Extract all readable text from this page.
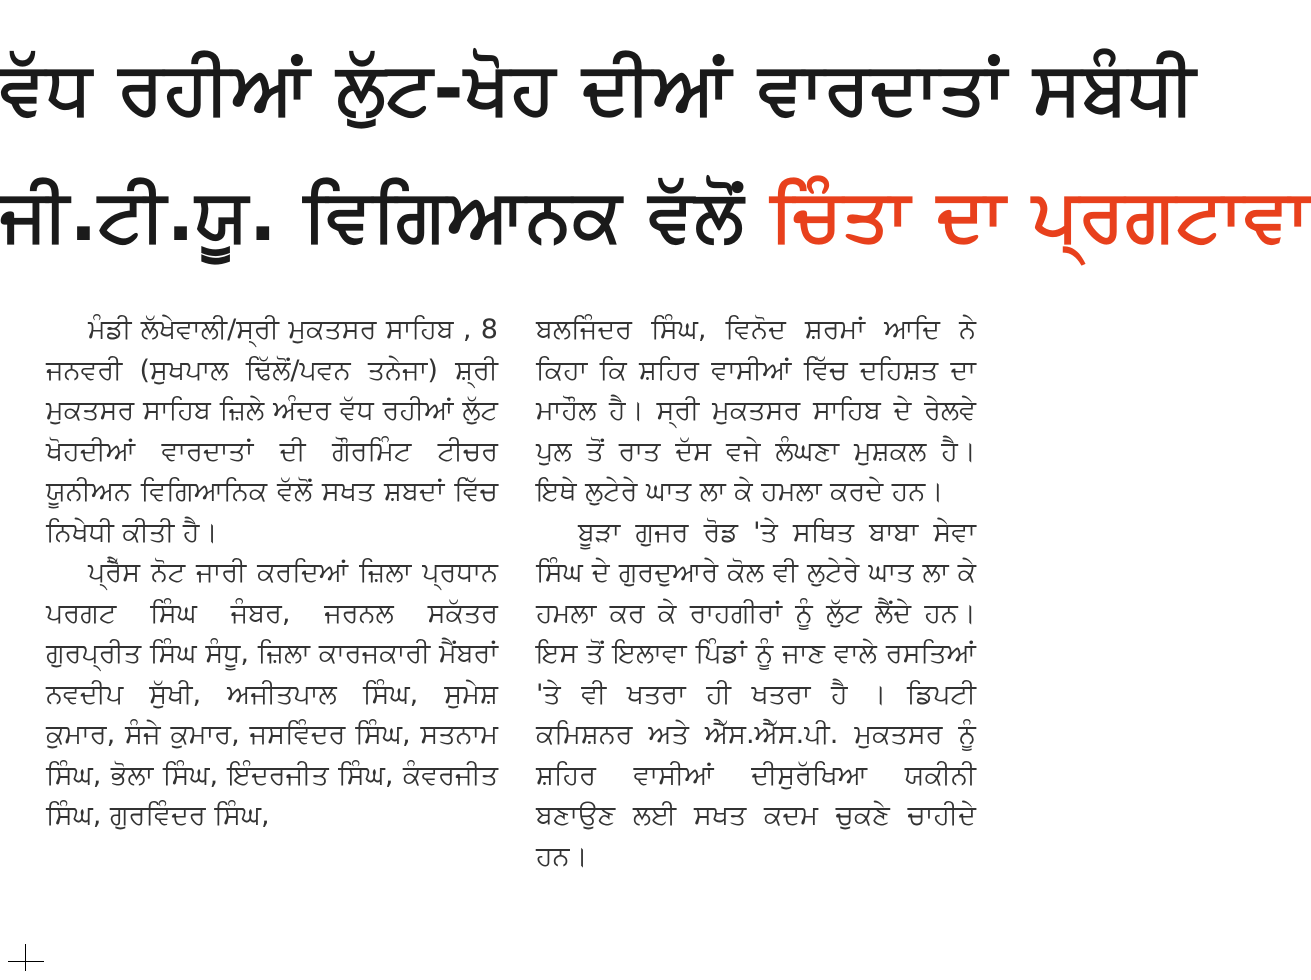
ਵੱਧ ਰਹੀਆਂ ਲੁੱਟ-ਖੋਹ ਦੀਆਂ ਵਾਰਦਾਤਾਂ ਸਬੰਧੀ
ਜੀ.ਟੀ.ਯੂ. ਵਿਗਿਆਨਕ ਵੱਲੋਂ ਚਿੰਤਾ ਦਾ ਪ੍ਰਗਟਾਵਾ

ਮੰਡੀ ਲੱਖੇਵਾਲੀ/ਸ੍ਰੀ ਮੁਕਤਸਰ ਸਾਹਿਬ , 8 ਜਨਵਰੀ (ਸੁਖਪਾਲ ਢਿੱਲੋਂ/ਪਵਨ ਤਨੇਜਾ) ਸ਼੍ਰੀ ਮੁਕਤਸਰ ਸਾਹਿਬ ਜ਼ਿਲੇ ਅੰਦਰ ਵੱਧ ਰਹੀਆਂ ਲੁੱਟ ਖੋਹਦੀਆਂ ਵਾਰਦਾਤਾਂ ਦੀ ਗੌਰਮਿੰਟ ਟੀਚਰ ਯੂਨੀਅਨ ਵਿਗਿਆਨਿਕ ਵੱਲੋਂ ਸਖਤ ਸ਼ਬਦਾਂ ਵਿੱਚ ਨਿਖੇਧੀ ਕੀਤੀ ਹੈ।

ਪ੍ਰੈੱਸ ਨੋਟ ਜਾਰੀ ਕਰਦਿਆਂ ਜ਼ਿਲਾ ਪ੍ਰਧਾਨ ਪਰਗਟ ਸਿੰਘ ਜੰਬਰ, ਜਰਨਲ ਸਕੱਤਰ ਗੁਰਪ੍ਰੀਤ ਸਿੰਘ ਸੰਧੂ, ਜ਼ਿਲਾ ਕਾਰਜਕਾਰੀ ਮੈਂਬਰਾਂ ਨਵਦੀਪ ਸੁੱਖੀ, ਅਜੀਤਪਾਲ ਸਿੰਘ, ਸੁਮੇਸ਼ ਕੁਮਾਰ, ਸੰਜੇ ਕੁਮਾਰ, ਜਸਵਿੰਦਰ ਸਿੰਘ, ਸਤਨਾਮ ਸਿੰਘ, ਭੋਲਾ ਸਿੰਘ, ਇੰਦਰਜੀਤ ਸਿੰਘ, ਕੰਵਰਜੀਤ ਸਿੰਘ, ਗੁਰਵਿੰਦਰ ਸਿੰਘ,

ਬਲਜਿੰਦਰ ਸਿੰਘ, ਵਿਨੋਦ ਸ਼ਰਮਾਂ ਆਦਿ ਨੇ ਕਿਹਾ ਕਿ ਸ਼ਹਿਰ ਵਾਸੀਆਂ ਵਿੱਚ ਦਹਿਸ਼ਤ ਦਾ ਮਾਹੌਲ ਹੈ। ਸ੍ਰੀ ਮੁਕਤਸਰ ਸਾਹਿਬ ਦੇ ਰੇਲਵੇ ਪੁਲ ਤੋਂ ਰਾਤ ਦੱਸ ਵਜੇ ਲੰਘਣਾ ਮੁਸ਼ਕਲ ਹੈ। ਇਥੇ ਲੁਟੇਰੇ ਘਾਤ ਲਾ ਕੇ ਹਮਲਾ ਕਰਦੇ ਹਨ।

ਬੂੜਾ ਗੁਜਰ ਰੋਡ 'ਤੇ ਸਥਿਤ ਬਾਬਾ ਸੇਵਾ ਸਿੰਘ ਦੇ ਗੁਰਦੁਆਰੇ ਕੋਲ ਵੀ ਲੁਟੇਰੇ ਘਾਤ ਲਾ ਕੇ ਹਮਲਾ ਕਰ ਕੇ ਰਾਹਗੀਰਾਂ ਨੂੰ ਲੁੱਟ ਲੈਂਦੇ ਹਨ।ਇਸ ਤੋਂ ਇਲਾਵਾ ਪਿੰਡਾਂ ਨੂੰ ਜਾਣ ਵਾਲੇ ਰਸਤਿਆਂ 'ਤੇ ਵੀ ਖਤਰਾ ਹੀ ਖਤਰਾ ਹੈ । ਡਿਪਟੀ ਕਮਿਸ਼ਨਰ ਅਤੇ ਐੱਸ.ਐੱਸ.ਪੀ. ਮੁਕਤਸਰ ਨੂੰ ਸ਼ਹਿਰ ਵਾਸੀਆਂ ਦੀਸੁਰੱਖਿਆ ਯਕੀਨੀ ਬਣਾਉਣ ਲਈ ਸਖਤ ਕਦਮ ਚੁਕਣੇ ਚਾਹੀਦੇ ਹਨ।
